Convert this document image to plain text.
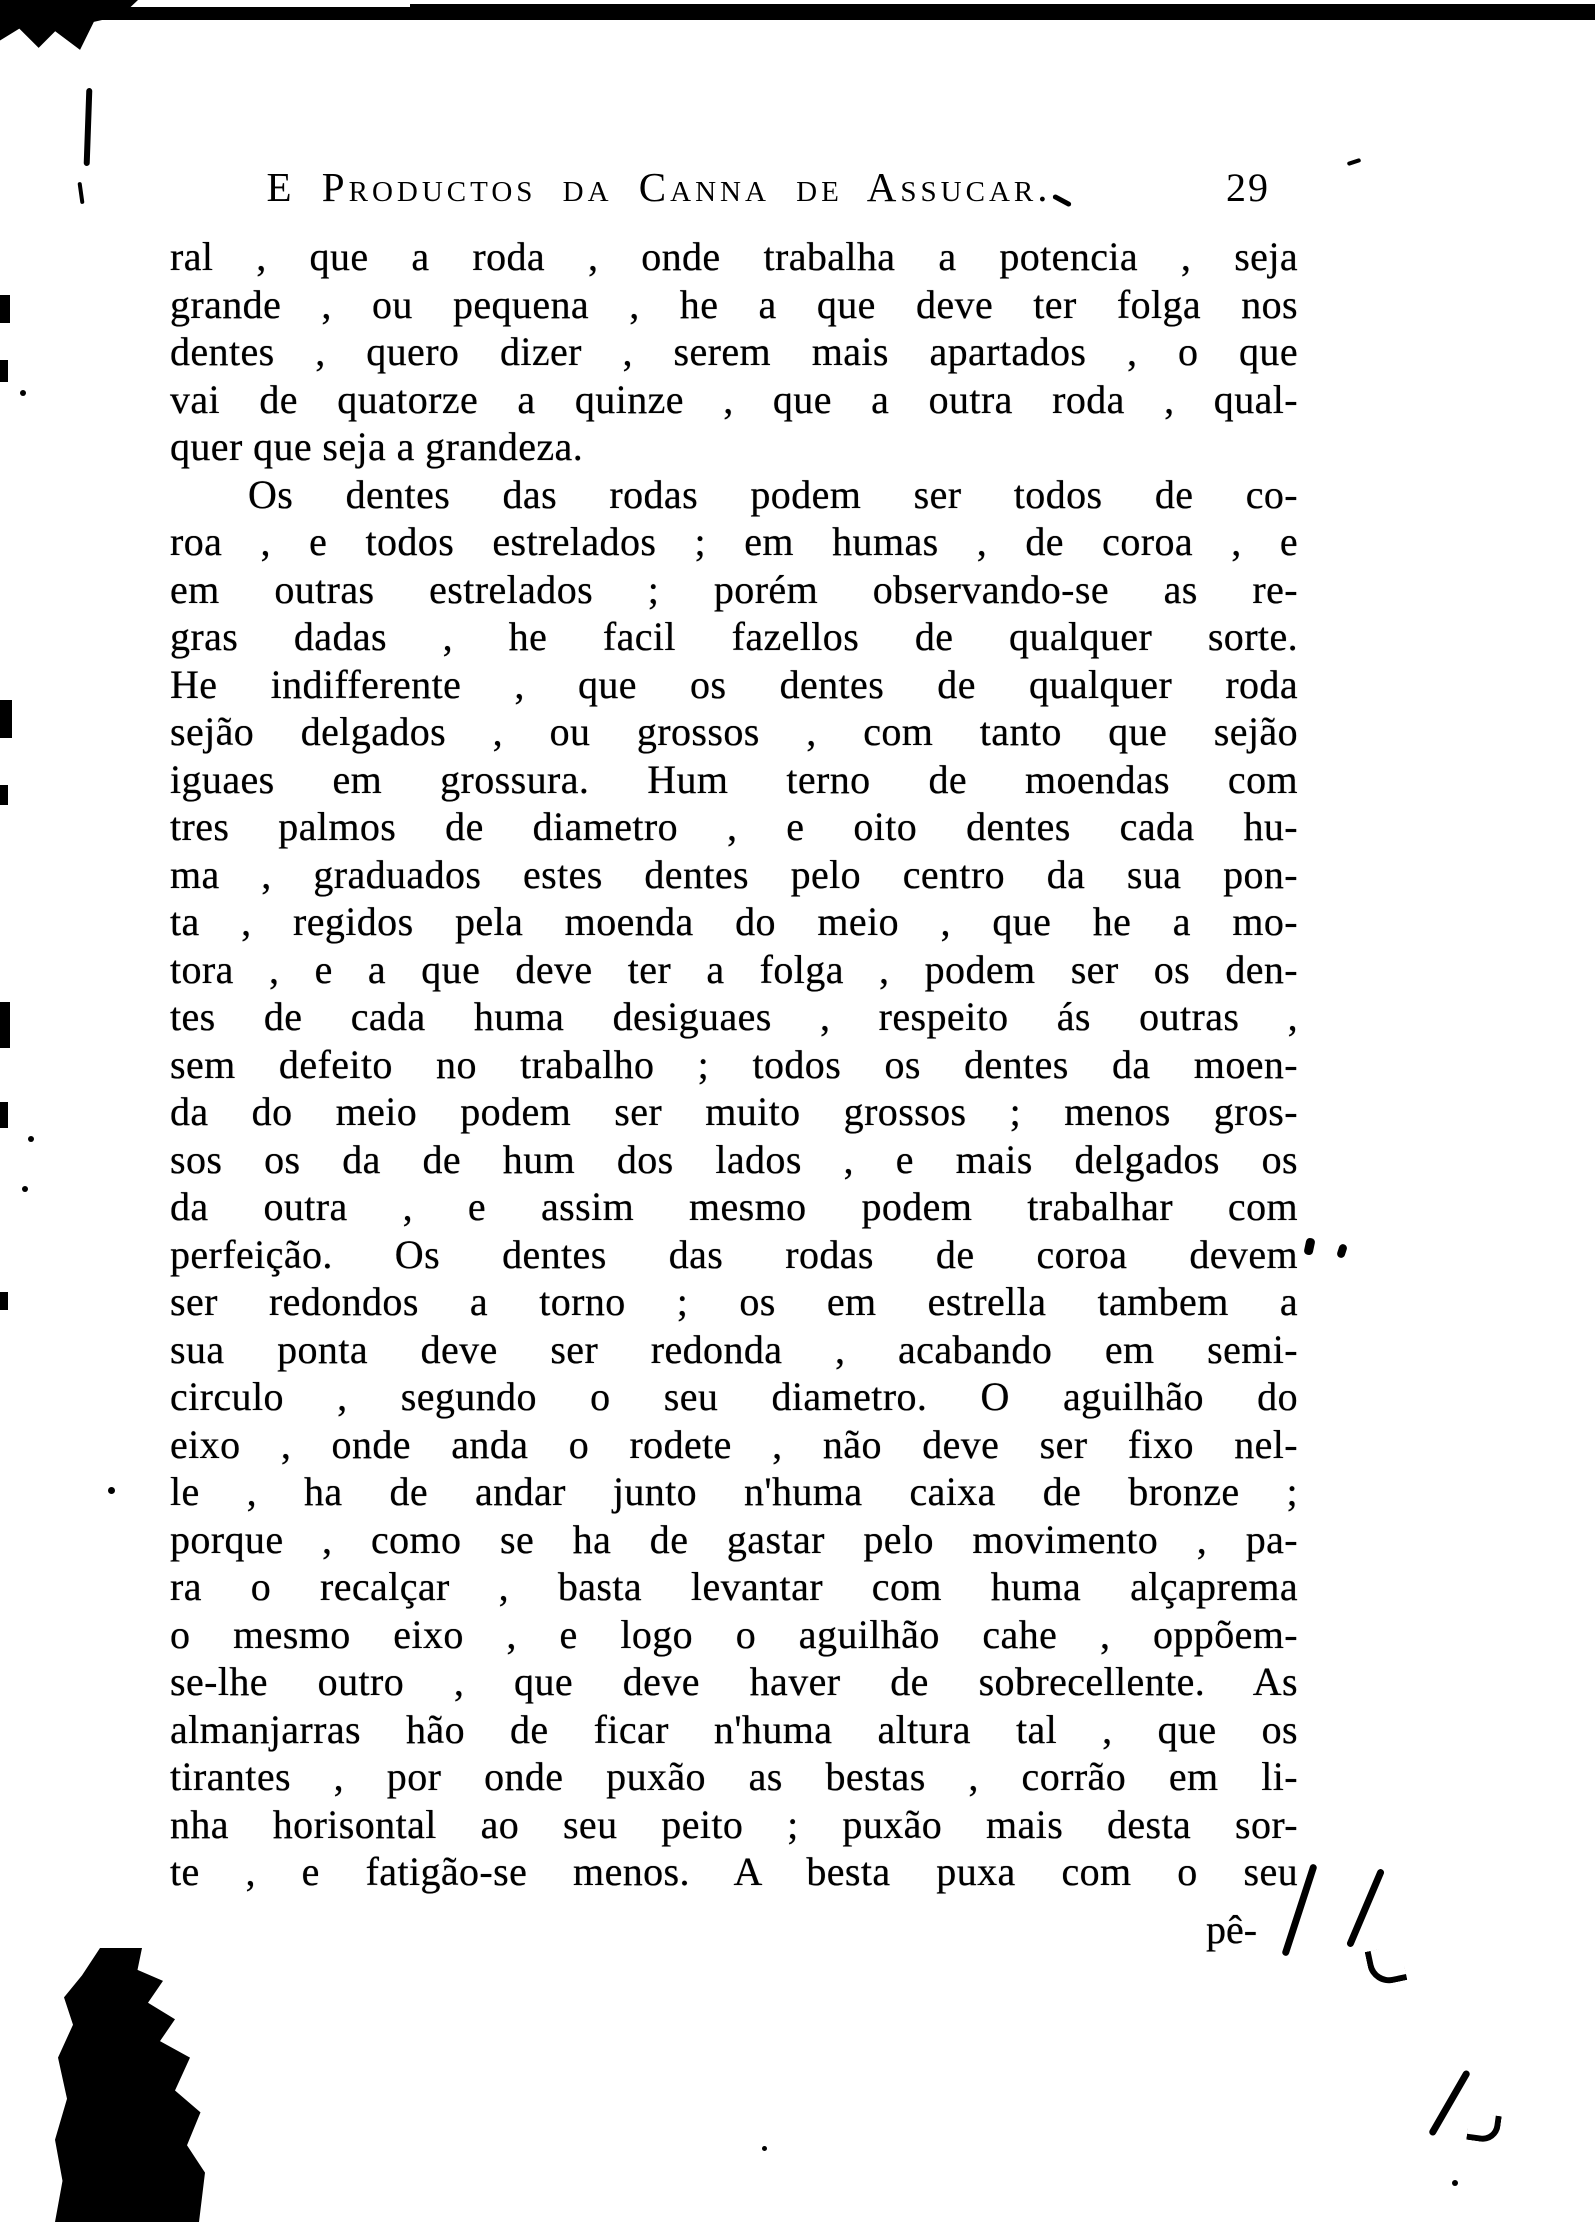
E Productos da Canna de Assucar.	29
ral , que a roda , onde trabalha a potencia , seja
grande , ou pequena , he a que deve ter folga nos
dentes , quero dizer , serem mais apartados , o que
vai de quatorze a quinze , que a outra roda , qual-
quer que seja a grandeza.
Os dentes das rodas podem ser todos de co-
roa , e todos estrelados ; em humas , de coroa , e
em outras estrelados ; porém observando-se as re-
gras dadas , he facil fazellos de qualquer sorte.
He indifferente , que os dentes de qualquer roda
sejão delgados , ou grossos , com tanto que sejão
iguaes em grossura. Hum terno de moendas com
tres palmos de diametro , e oito dentes cada hu-
ma , graduados estes dentes pelo centro da sua pon-
ta , regidos pela moenda do meio , que he a mo-
tora , e a que deve ter a folga , podem ser os den-
tes de cada huma desiguaes , respeito ás outras ,
sem defeito no trabalho ; todos os dentes da moen-
da do meio podem ser muito grossos ; menos gros-
sos os da de hum dos lados , e mais delgados os
da outra , e assim mesmo podem trabalhar com
perfeição. Os dentes das rodas de coroa devem
ser redondos a torno ; os em estrella tambem a
sua ponta deve ser redonda , acabando em semi-
circulo , segundo o seu diametro. O aguilhão do
eixo , onde anda o rodete , não deve ser fixo nel-
le , ha de andar junto n'huma caixa de bronze ;
porque , como se ha de gastar pelo movimento , pa-
ra o recalçar , basta levantar com huma alçaprema
o mesmo eixo , e logo o aguilhão cahe , oppõem-
se-lhe outro , que deve haver de sobrecellente. As
almanjarras hão de ficar n'huma altura tal , que os
tirantes , por onde puxão as bestas , corrão em li-
nha horisontal ao seu peito ; puxão mais desta sor-
te , e fatigão-se menos. A besta puxa com o seu
pê-
